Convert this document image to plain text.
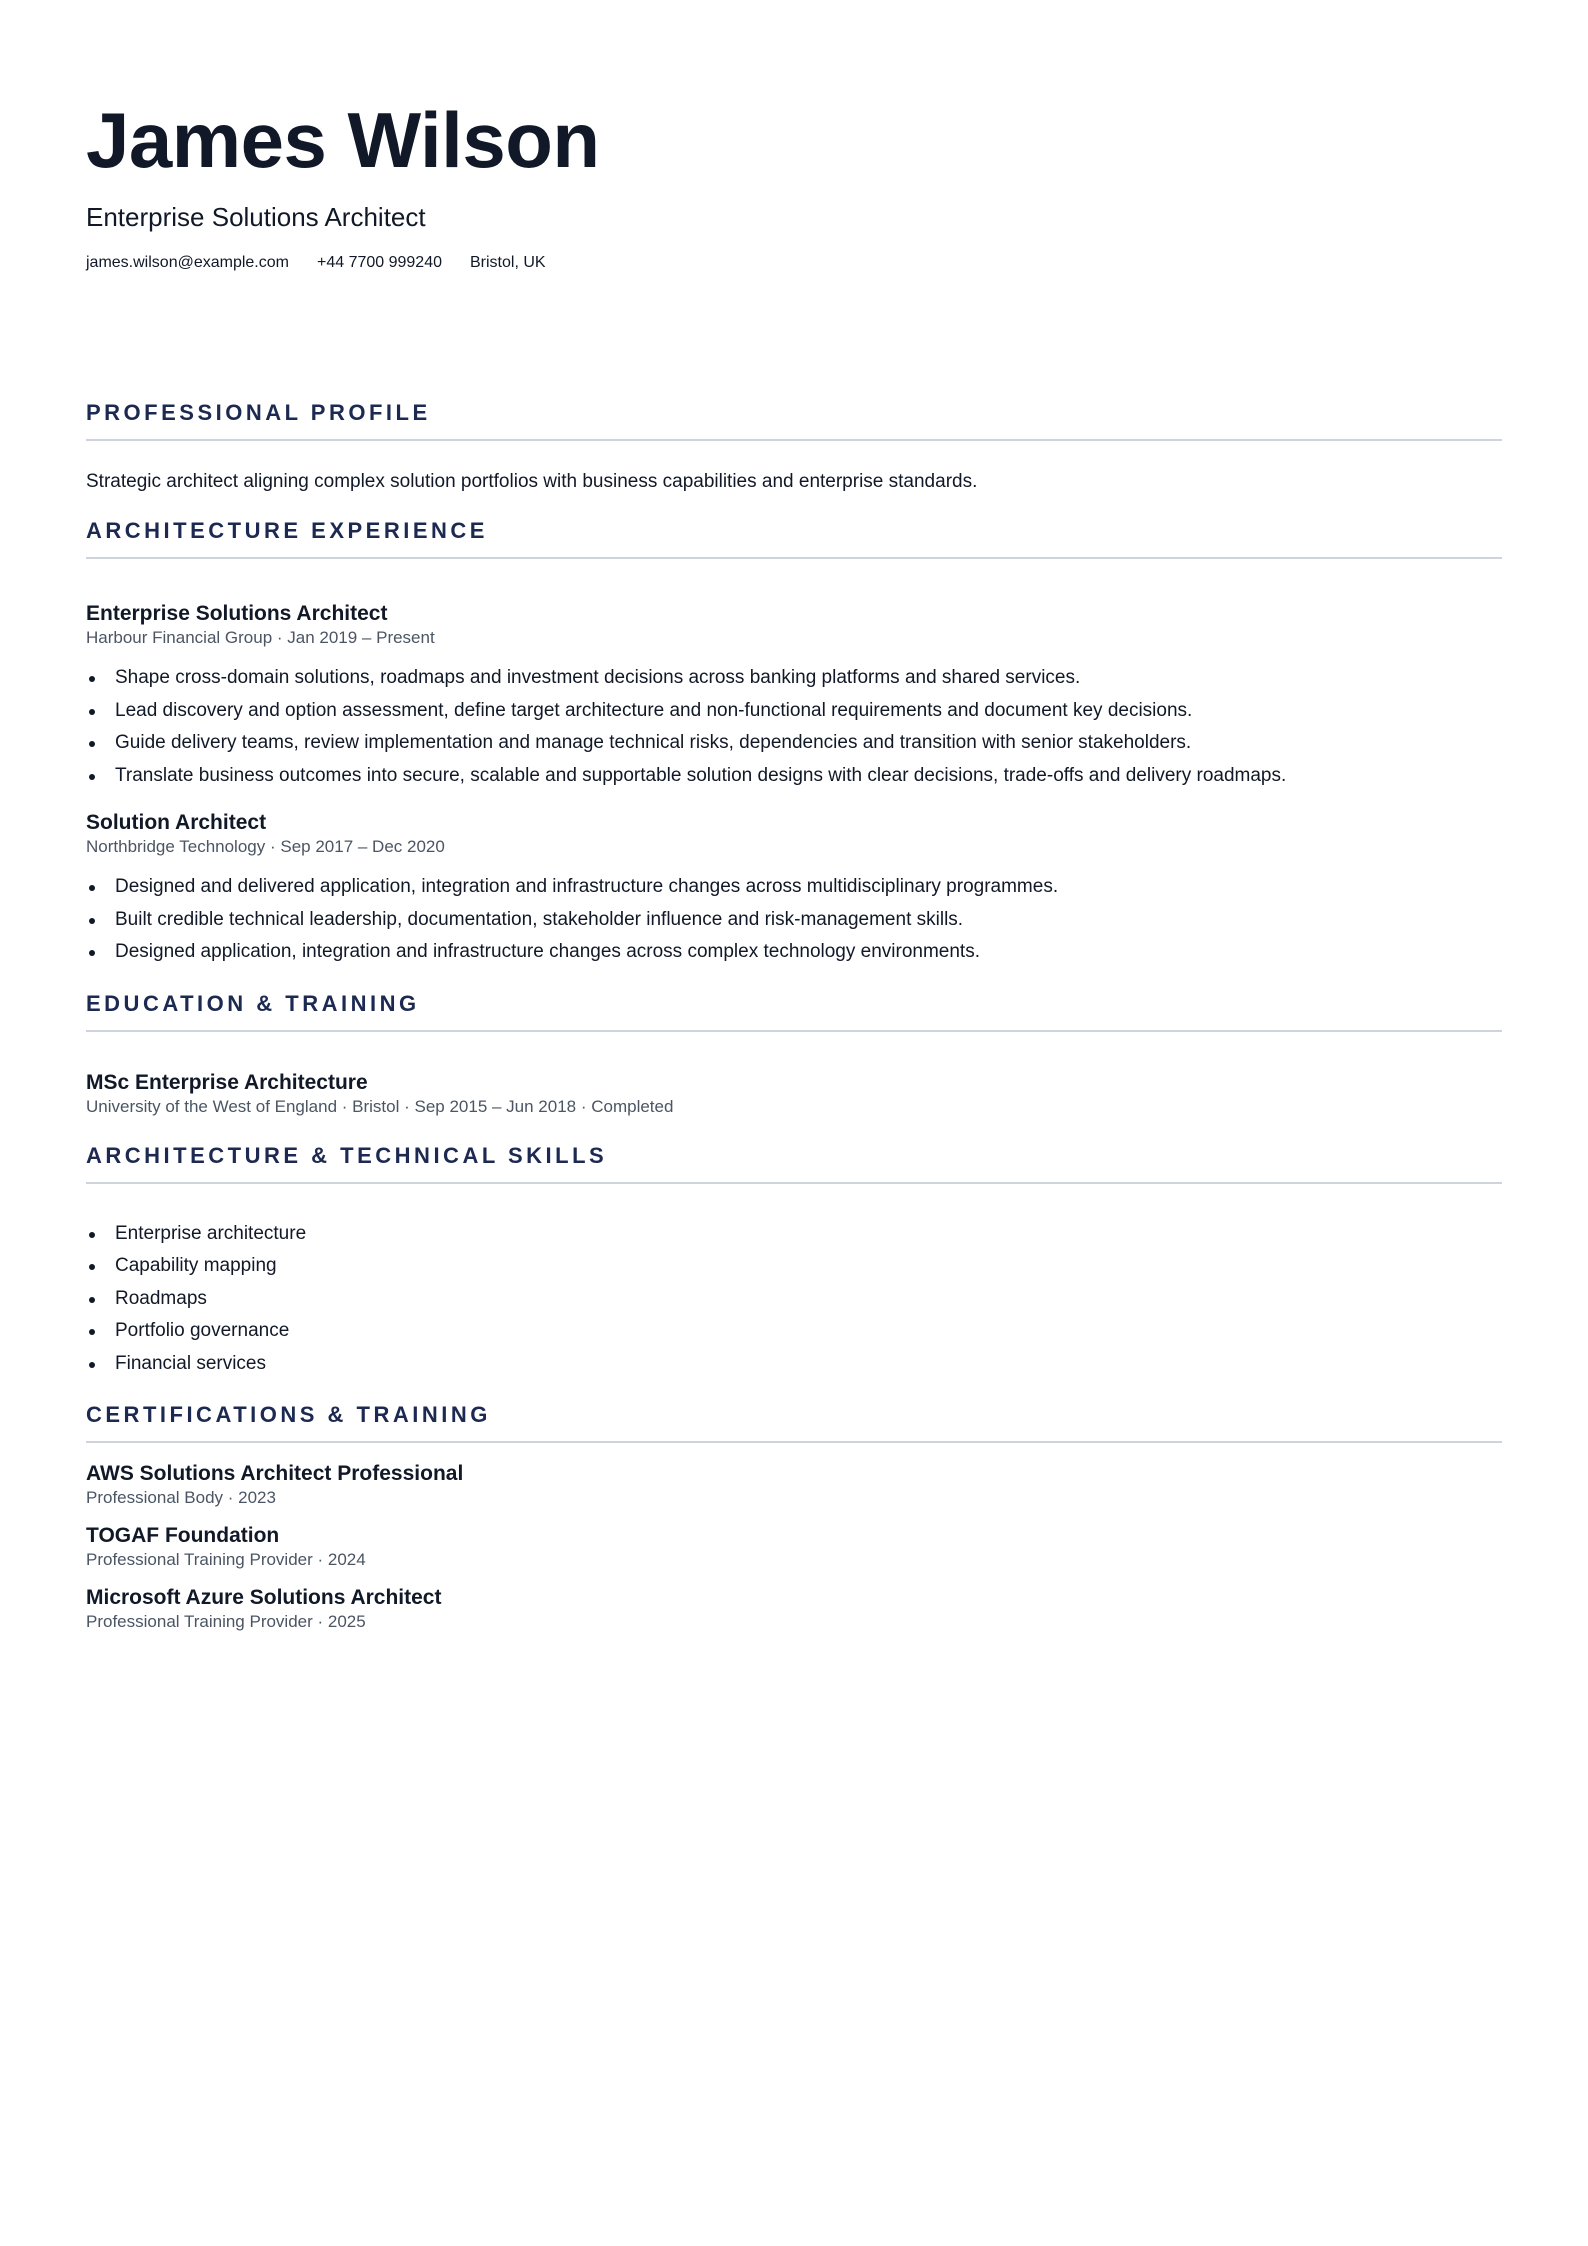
James Wilson
Enterprise Solutions Architect
james.wilson@example.com +44 7700 999240 Bristol, UK
PROFESSIONAL PROFILE
Strategic architect aligning complex solution portfolios with business capabilities and enterprise standards.
ARCHITECTURE EXPERIENCE
Enterprise Solutions Architect
Harbour Financial Group · Jan 2019 – Present
Shape cross-domain solutions, roadmaps and investment decisions across banking platforms and shared services.
Lead discovery and option assessment, define target architecture and non-functional requirements and document key decisions.
Guide delivery teams, review implementation and manage technical risks, dependencies and transition with senior stakeholders.
Translate business outcomes into secure, scalable and supportable solution designs with clear decisions, trade-offs and delivery roadmaps.
Solution Architect
Northbridge Technology · Sep 2017 – Dec 2020
Designed and delivered application, integration and infrastructure changes across multidisciplinary programmes.
Built credible technical leadership, documentation, stakeholder influence and risk-management skills.
Designed application, integration and infrastructure changes across complex technology environments.
EDUCATION & TRAINING
MSc Enterprise Architecture
University of the West of England · Bristol · Sep 2015 – Jun 2018 · Completed
ARCHITECTURE & TECHNICAL SKILLS
Enterprise architecture
Capability mapping
Roadmaps
Portfolio governance
Financial services
CERTIFICATIONS & TRAINING
AWS Solutions Architect Professional
Professional Body · 2023
TOGAF Foundation
Professional Training Provider · 2024
Microsoft Azure Solutions Architect
Professional Training Provider · 2025
